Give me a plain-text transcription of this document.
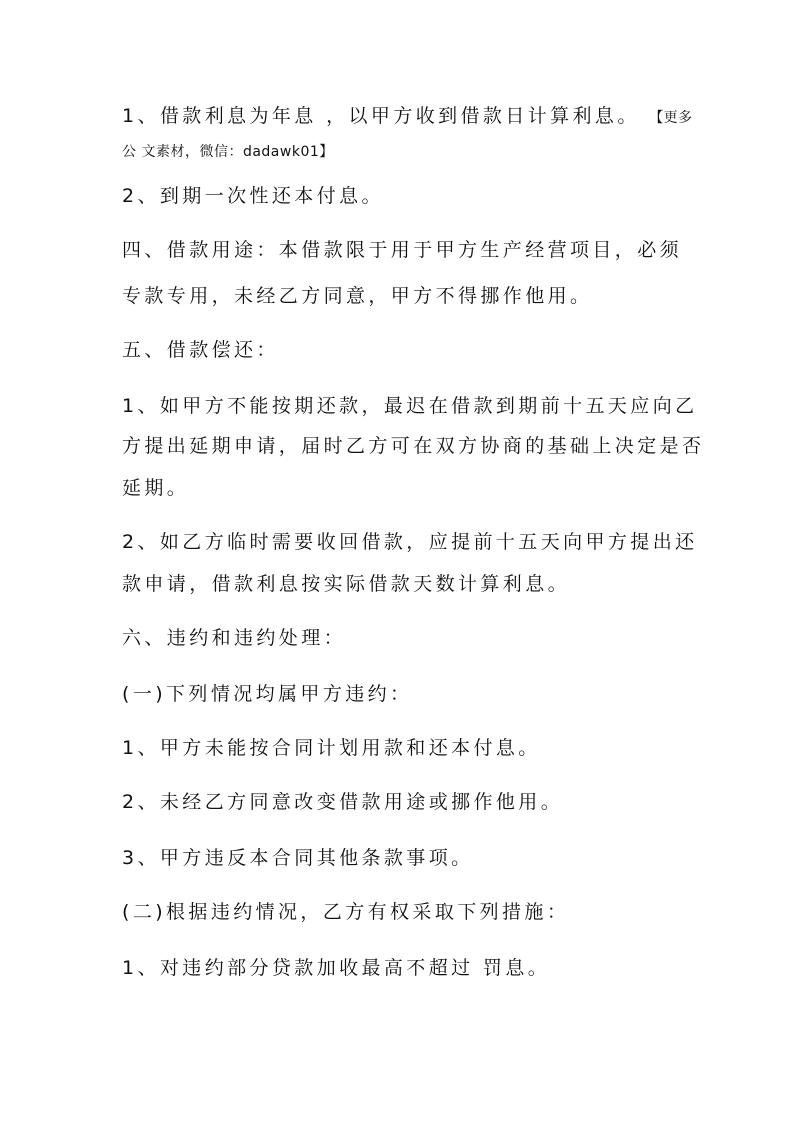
1、借款利息为年息 ，以甲方收到借款日计算利息。 【更多
公 文素材，微信：dadawk01】
2、到期一次性还本付息。
四、借款用途：本借款限于用于甲方生产经营项目，必须
专款专用，未经乙方同意，甲方不得挪作他用。
五、借款偿还：
1、如甲方不能按期还款，最迟在借款到期前十五天应向乙
方提出延期申请，届时乙方可在双方协商的基础上决定是否
延期。
2、如乙方临时需要收回借款，应提前十五天向甲方提出还
款申请，借款利息按实际借款天数计算利息。
六、违约和违约处理：
(一)下列情况均属甲方违约：
1、甲方未能按合同计划用款和还本付息。
2、未经乙方同意改变借款用途或挪作他用。
3、甲方违反本合同其他条款事项。
(二)根据违约情况，乙方有权采取下列措施：
1、对违约部分贷款加收最高不超过 罚息。
